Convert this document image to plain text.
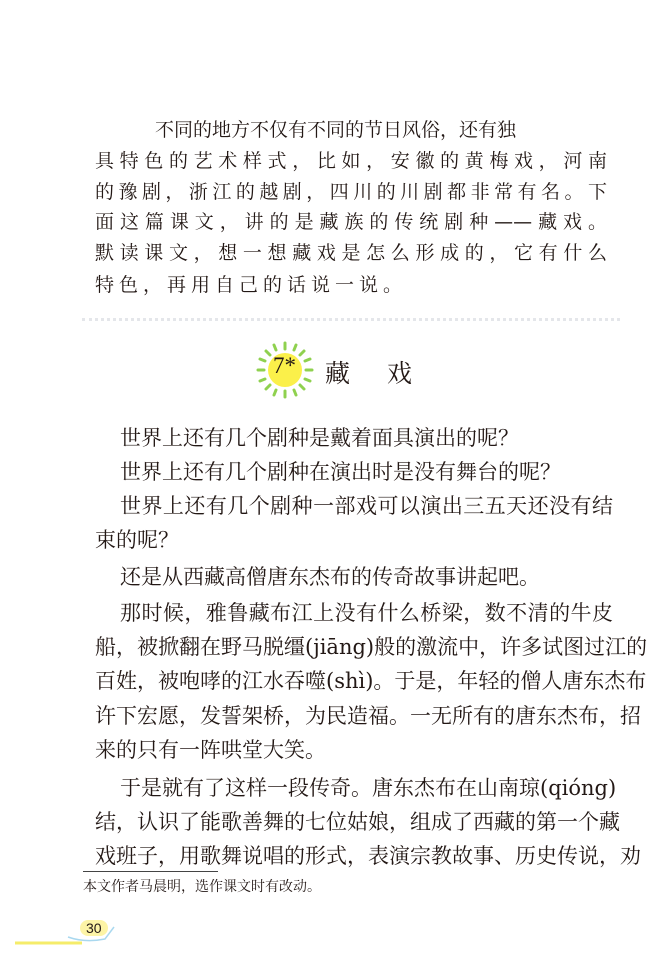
不同的地方不仅有不同的节日风俗，还有独
具特色的艺术样式，比如，安徽的黄梅戏，河南
的豫剧，浙江的越剧，四川的川剧都非常有名。下
面这篇课文，讲的是藏族的传统剧种——藏戏。
默读课文，想一想藏戏是怎么形成的，它有什么
特色，再用自己的话说一说。
7* 藏 戏
世界上还有几个剧种是戴着面具演出的呢？
世界上还有几个剧种在演出时是没有舞台的呢？
世界上还有几个剧种一部戏可以演出三五天还没有结
束的呢？
还是从西藏高僧唐东杰布的传奇故事讲起吧。
那时候，雅鲁藏布江上没有什么桥梁，数不清的牛皮
船，被掀翻在野马脱缰(jiāng)般的激流中，许多试图过江的
百姓，被咆哮的江水吞噬(shì)。于是，年轻的僧人唐东杰布
许下宏愿，发誓架桥，为民造福。一无所有的唐东杰布，招
来的只有一阵哄堂大笑。
于是就有了这样一段传奇。唐东杰布在山南琼(qióng)
结，认识了能歌善舞的七位姑娘，组成了西藏的第一个藏
戏班子，用歌舞说唱的形式，表演宗教故事、历史传说，劝
本文作者马晨明，选作课文时有改动。
30
